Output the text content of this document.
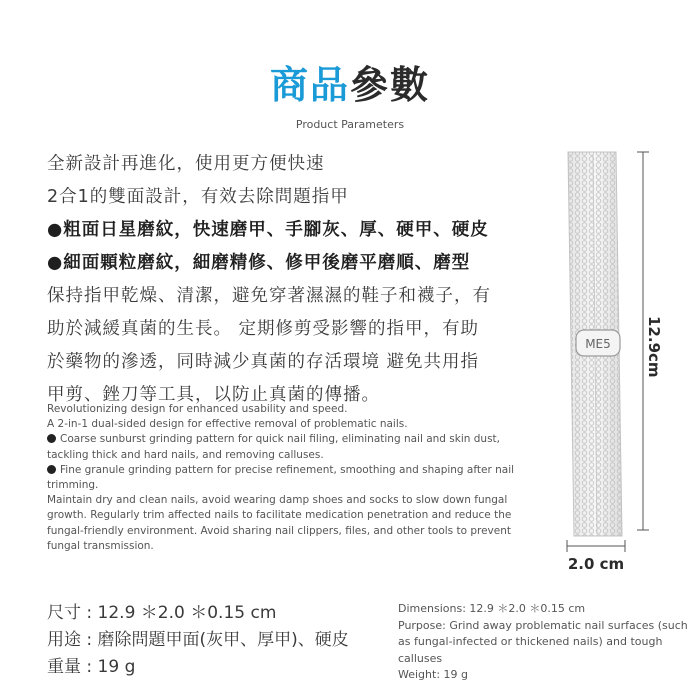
商品參數
Product Parameters
全新設計再進化，使用更方便快速
2合1的雙面設計，有效去除問題指甲
●粗面日星磨紋，快速磨甲、手腳灰、厚、硬甲、硬皮
●細面顆粒磨紋，細磨精修、修甲後磨平磨順、磨型
保持指甲乾燥、清潔，避免穿著濕濕的鞋子和襪子，有
助於減緩真菌的生長。 定期修剪受影響的指甲，有助
於藥物的滲透，同時減少真菌的存活環境 避免共用指
甲剪、銼刀等工具，以防止真菌的傳播。

Revolutionizing design for enhanced usability and speed.

A 2-in-1 dual-sided design for effective removal of problematic nails.

Coarse sunburst grinding pattern for quick nail filing, eliminating nail and skin dust, tackling thick and hard nails, and removing calluses.

Fine granule grinding pattern for precise refinement, smoothing and shaping after nail trimming.

Maintain dry and clean nails, avoid wearing damp shoes and socks to slow down fungal growth. Regularly trim affected nails to facilitate medication penetration and reduce the fungal-friendly environment. Avoid sharing nail clippers, files, and other tools to prevent fungal transmission.

ME5 12.9cm
2.0 cm
尺寸 : 12.9 ＊2.0 ＊0.15 cm
用途 : 磨除問題甲面(灰甲、厚甲)、硬皮
重量 : 19 g
Dimensions: 12.9 ＊2.0 ＊0.15 cm
Purpose: Grind away problematic nail surfaces (such as fungal-infected or thickened nails) and tough calluses
Weight: 19 g
